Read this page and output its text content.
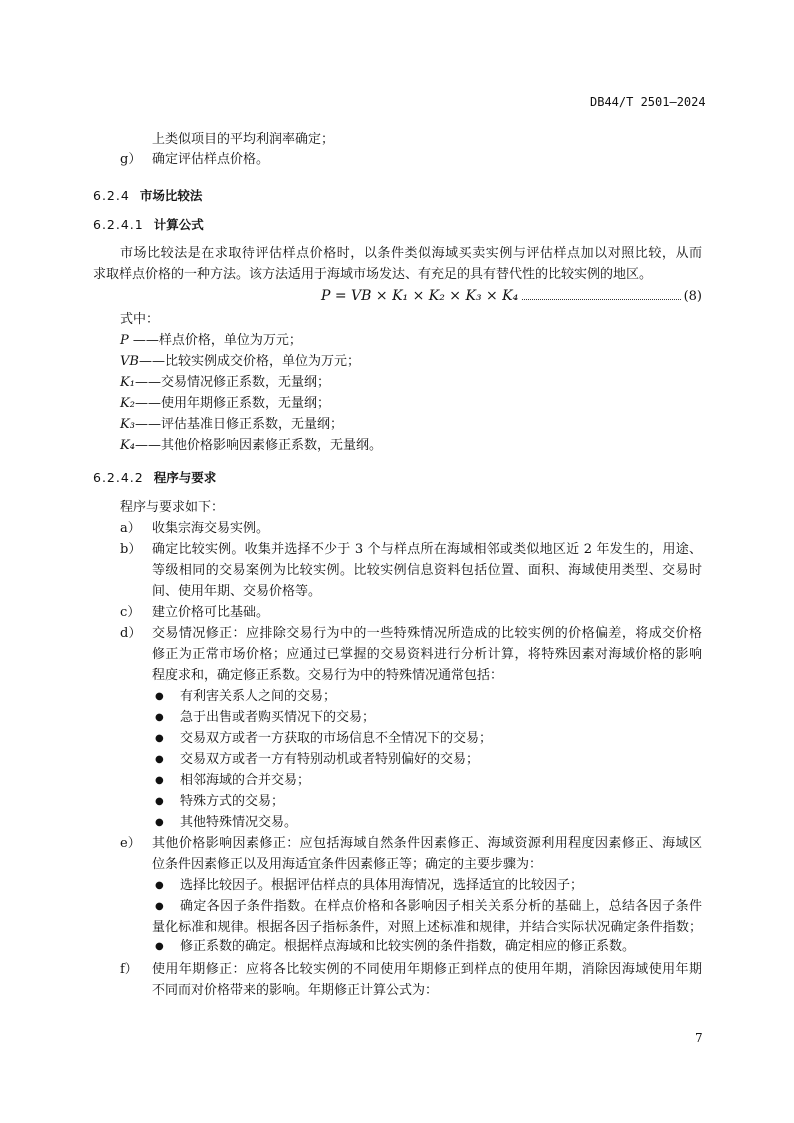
DB44/T 2501—2024
上类似项目的平均利润率确定；
g） 确定评估样点价格。
6.2.4 市场比较法
6.2.4.1 计算公式
市场比较法是在求取待评估样点价格时，以条件类似海域买卖实例与评估样点加以对照比较，从而
求取样点价格的一种方法。该方法适用于海域市场发达、有充足的具有替代性的比较实例的地区。
P = VB × K₁ × K₂ × K₃ × K₄	(8)
式中：
P ——样点价格，单位为万元；
VB——比较实例成交价格，单位为万元；
K₁——交易情况修正系数，无量纲；
K₂——使用年期修正系数，无量纲；
K₃——评估基准日修正系数，无量纲；
K₄——其他价格影响因素修正系数，无量纲。
6.2.4.2 程序与要求
程序与要求如下：
a） 收集宗海交易实例。
b） 确定比较实例。收集并选择不少于 3 个与样点所在海域相邻或类似地区近 2 年发生的，用途、
等级相同的交易案例为比较实例。比较实例信息资料包括位置、面积、海域使用类型、交易时
间、使用年期、交易价格等。
c） 建立价格可比基础。
d） 交易情况修正：应排除交易行为中的一些特殊情况所造成的比较实例的价格偏差，将成交价格
修正为正常市场价格；应通过已掌握的交易资料进行分析计算，将特殊因素对海域价格的影响
程度求和，确定修正系数。交易行为中的特殊情况通常包括：
● 有利害关系人之间的交易；
● 急于出售或者购买情况下的交易；
● 交易双方或者一方获取的市场信息不全情况下的交易；
● 交易双方或者一方有特别动机或者特别偏好的交易；
● 相邻海域的合并交易；
● 特殊方式的交易；
● 其他特殊情况交易。
e） 其他价格影响因素修正：应包括海域自然条件因素修正、海域资源利用程度因素修正、海域区
位条件因素修正以及用海适宜条件因素修正等；确定的主要步骤为：
● 选择比较因子。根据评估样点的具体用海情况，选择适宜的比较因子；
● 确定各因子条件指数。在样点价格和各影响因子相关关系分析的基础上，总结各因子条件
量化标准和规律。根据各因子指标条件，对照上述标准和规律，并结合实际状况确定条件指数；
● 修正系数的确定。根据样点海域和比较实例的条件指数，确定相应的修正系数。
f） 使用年期修正：应将各比较实例的不同使用年期修正到样点的使用年期，消除因海域使用年期
不同而对价格带来的影响。年期修正计算公式为：
7
